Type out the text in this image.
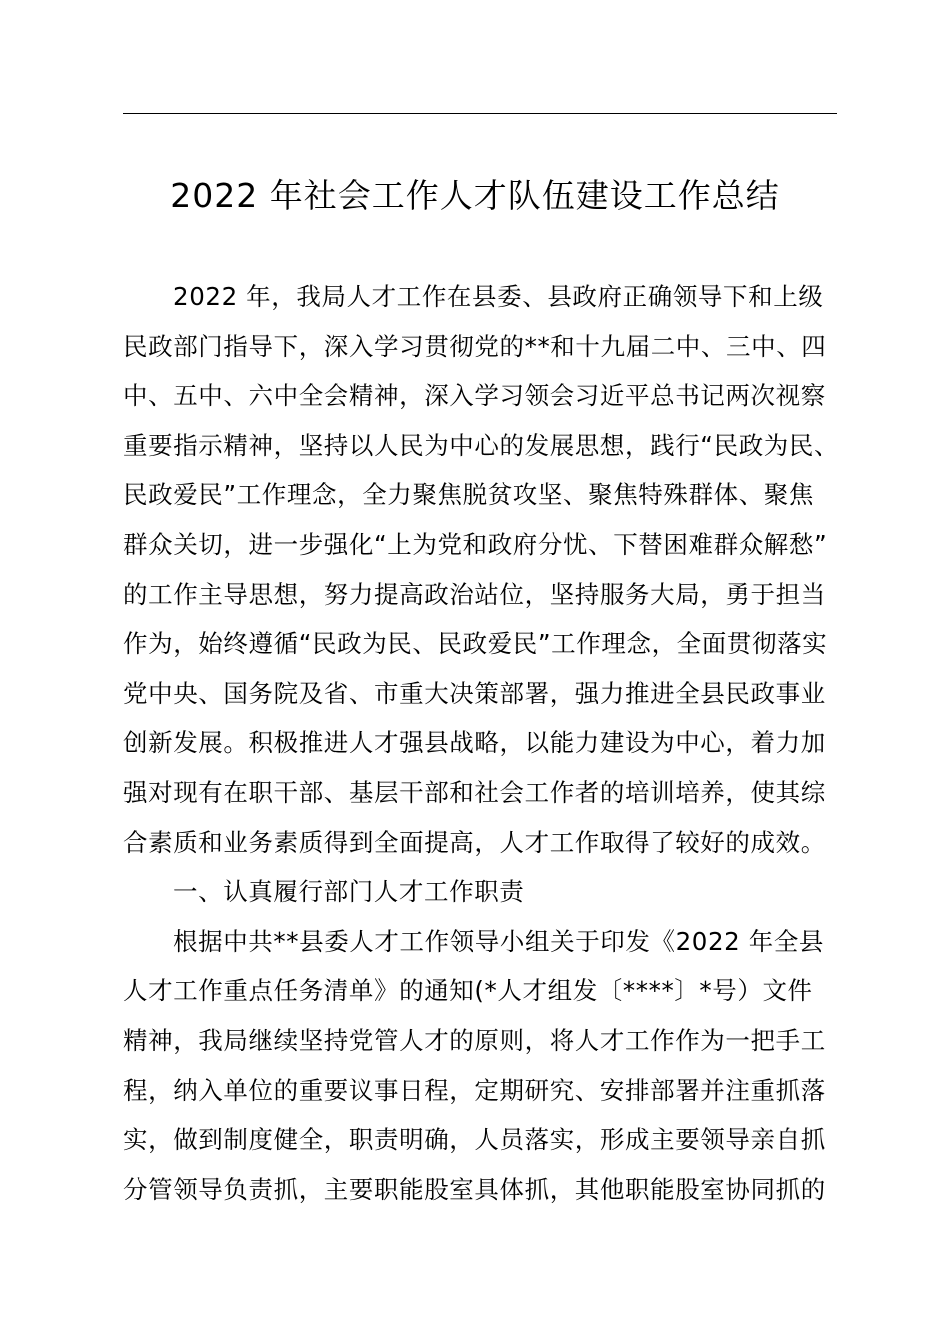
2022 年社会工作人才队伍建设工作总结
2022 年，我局人才工作在县委、县政府正确领导下和上级
民政部门指导下，深入学习贯彻党的**和十九届二中、三中、四
中、五中、六中全会精神，深入学习领会习近平总书记两次视察
重要指示精神，坚持以人民为中心的发展思想，践行“民政为民、
民政爱民”工作理念，全力聚焦脱贫攻坚、聚焦特殊群体、聚焦
群众关切，进一步强化“上为党和政府分忧、下替困难群众解愁”
的工作主导思想，努力提高政治站位，坚持服务大局，勇于担当
作为，始终遵循“民政为民、民政爱民”工作理念，全面贯彻落实
党中央、国务院及省、市重大决策部署，强力推进全县民政事业
创新发展。积极推进人才强县战略，以能力建设为中心，着力加
强对现有在职干部、基层干部和社会工作者的培训培养，使其综
合素质和业务素质得到全面提高，人才工作取得了较好的成效。
一、认真履行部门人才工作职责
根据中共**县委人才工作领导小组关于印发《2022 年全县
人才工作重点任务清单》的通知(*人才组发〔****〕*号）文件
精神，我局继续坚持党管人才的原则，将人才工作作为一把手工
程，纳入单位的重要议事日程，定期研究、安排部署并注重抓落
实，做到制度健全，职责明确，人员落实，形成主要领导亲自抓
分管领导负责抓，主要职能股室具体抓，其他职能股室协同抓的
